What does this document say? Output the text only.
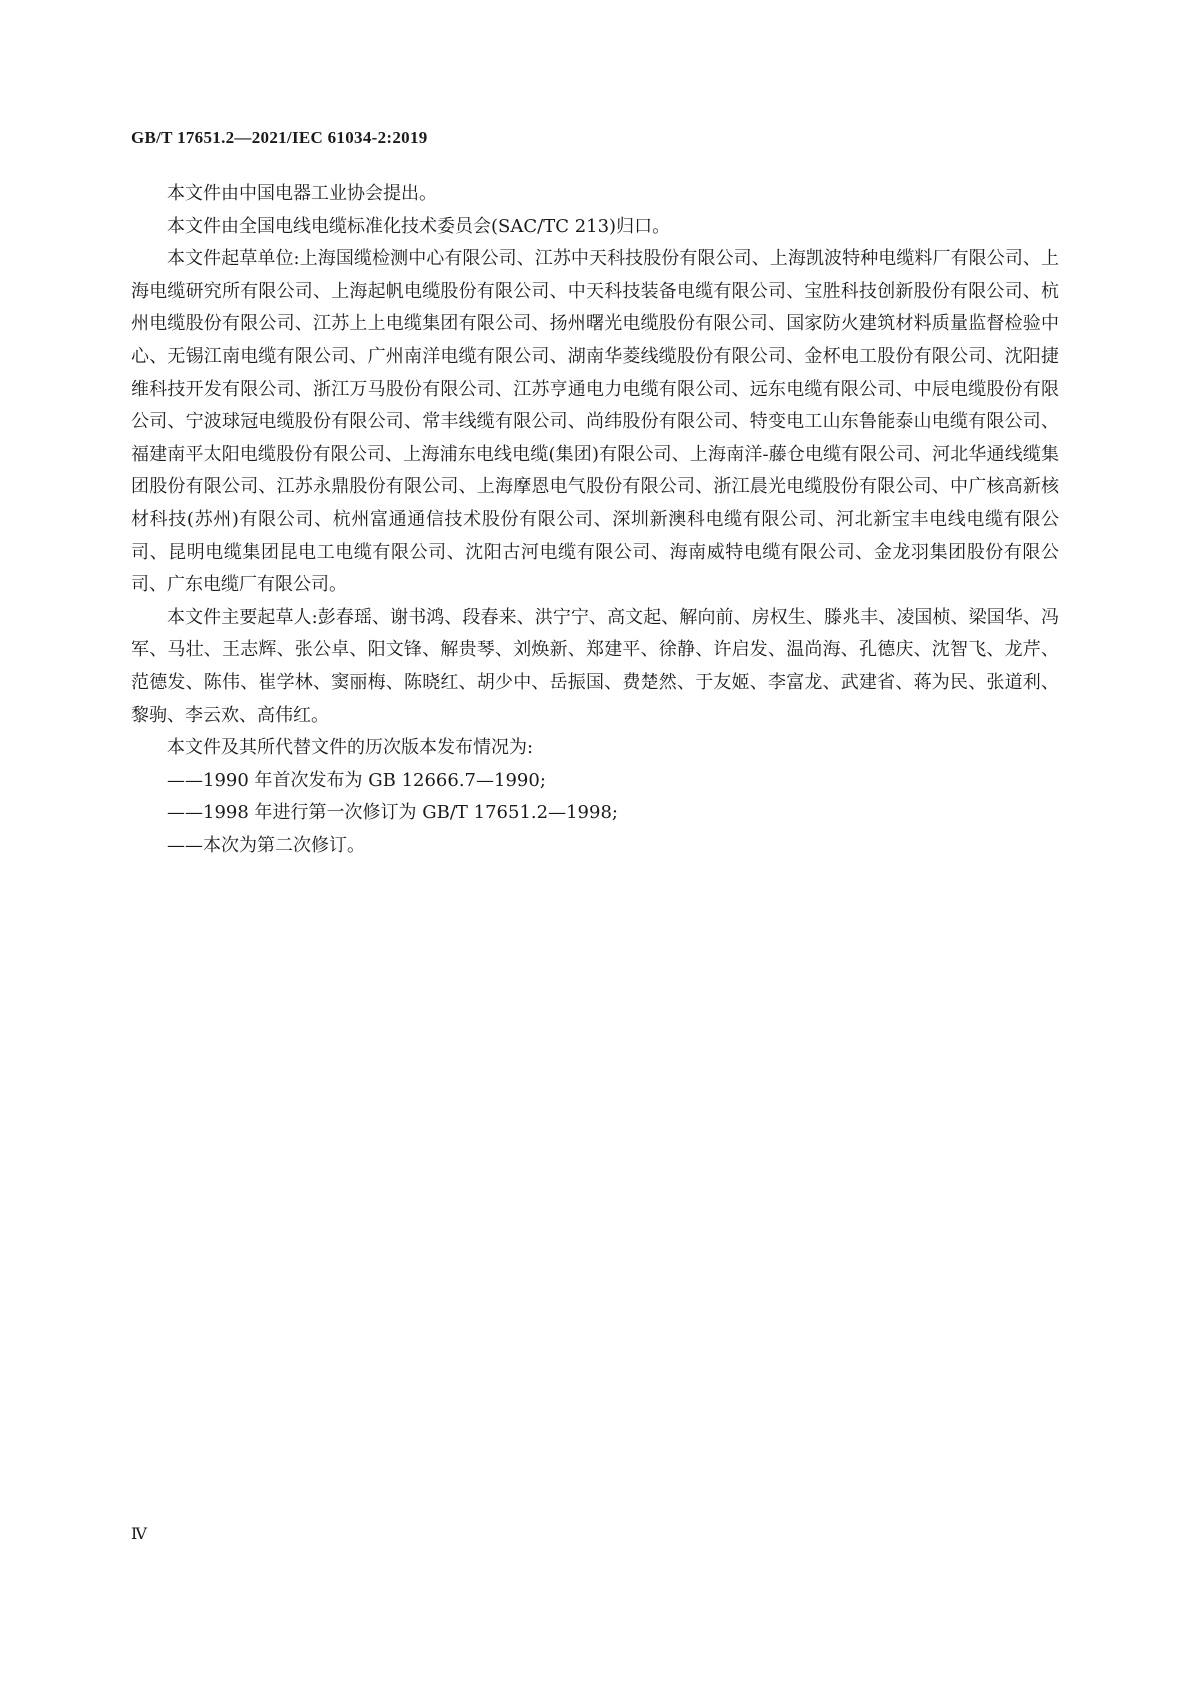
GB/T 17651.2—2021/IEC 61034-2:2019

本文件由中国电器工业协会提出。

本文件由全国电线电缆标准化技术委员会(SAC/TC 213)归口。

本文件起草单位:上海国缆检测中心有限公司、江苏中天科技股份有限公司、上海凯波特种电缆料厂有限公司、上海电缆研究所有限公司、上海起帆电缆股份有限公司、中天科技装备电缆有限公司、宝胜科技创新股份有限公司、杭州电缆股份有限公司、江苏上上电缆集团有限公司、扬州曙光电缆股份有限公司、国家防火建筑材料质量监督检验中心、无锡江南电缆有限公司、广州南洋电缆有限公司、湖南华菱线缆股份有限公司、金杯电工股份有限公司、沈阳捷维科技开发有限公司、浙江万马股份有限公司、江苏亨通电力电缆有限公司、远东电缆有限公司、中辰电缆股份有限公司、宁波球冠电缆股份有限公司、常丰线缆有限公司、尚纬股份有限公司、特变电工山东鲁能泰山电缆有限公司、福建南平太阳电缆股份有限公司、上海浦东电线电缆(集团)有限公司、上海南洋-藤仓电缆有限公司、河北华通线缆集团股份有限公司、江苏永鼎股份有限公司、上海摩恩电气股份有限公司、浙江晨光电缆股份有限公司、中广核高新核材科技(苏州)有限公司、杭州富通通信技术股份有限公司、深圳新澳科电缆有限公司、河北新宝丰电线电缆有限公司、昆明电缆集团昆电工电缆有限公司、沈阳古河电缆有限公司、海南威特电缆有限公司、金龙羽集团股份有限公司、广东电缆厂有限公司。

本文件主要起草人:彭春瑶、谢书鸿、段春来、洪宁宁、高文起、解向前、房权生、滕兆丰、凌国桢、梁国华、冯军、马壮、王志辉、张公卓、阳文锋、解贵琴、刘焕新、郑建平、徐静、许启发、温尚海、孔德庆、沈智飞、龙芹、范德发、陈伟、崔学林、窦丽梅、陈晓红、胡少中、岳振国、费楚然、于友姬、李富龙、武建省、蒋为民、张道利、黎驹、李云欢、高伟红。

本文件及其所代替文件的历次版本发布情况为:

——1990 年首次发布为 GB 12666.7—1990;

——1998 年进行第一次修订为 GB/T 17651.2—1998;

——本次为第二次修订。

Ⅳ
